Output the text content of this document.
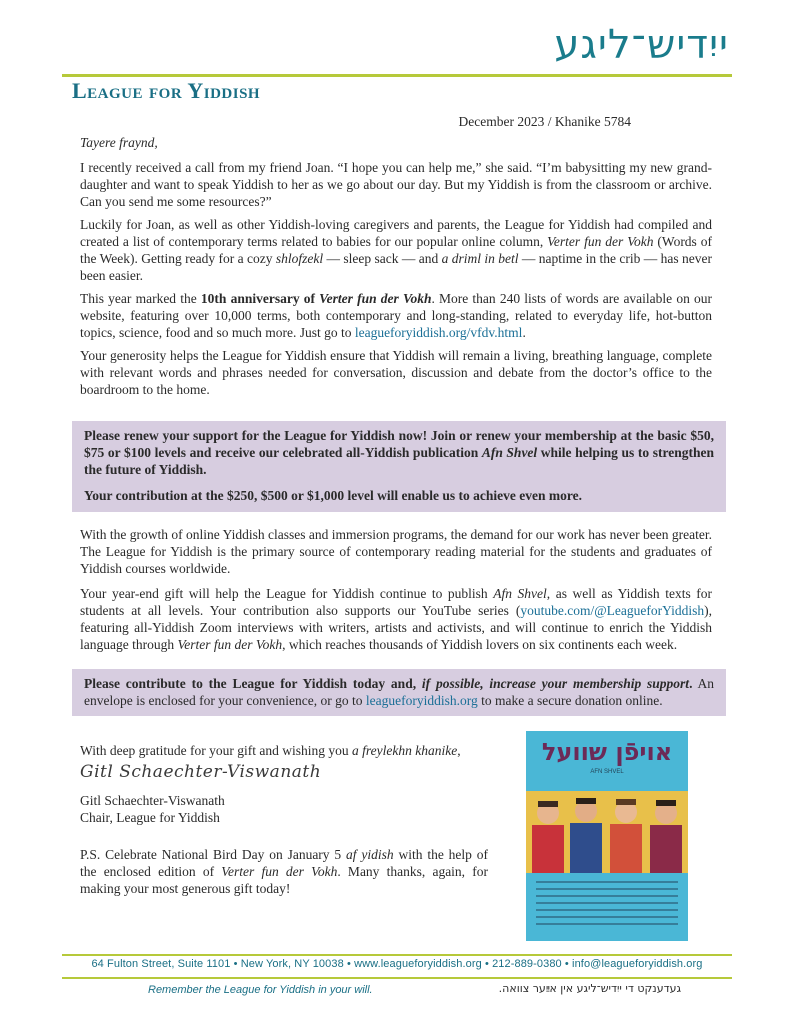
ייִדיש־ליגע
League for Yiddish
December 2023 / Khanike 5784
Tayere fraynd,

I recently received a call from my friend Joan. “I hope you can help me,” she said. “I’m babysitting my new grand-daughter and want to speak Yiddish to her as we go about our day. But my Yiddish is from the classroom or archive. Can you send me some resources?”

Luckily for Joan, as well as other Yiddish-loving caregivers and parents, the League for Yiddish had compiled and created a list of contemporary terms related to babies for our popular online column, Verter fun der Vokh (Words of the Week). Getting ready for a cozy shlofzekl — sleep sack — and a driml in betl — naptime in the crib — has never been easier.

This year marked the 10th anniversary of Verter fun der Vokh. More than 240 lists of words are available on our website, featuring over 10,000 terms, both contemporary and long-standing, related to everyday life, hot-button topics, science, food and so much more. Just go to leagueforyiddish.org/vfdv.html.

Your generosity helps the League for Yiddish ensure that Yiddish will remain a living, breathing language, complete with relevant words and phrases needed for conversation, discussion and debate from the doctor’s office to the boardroom to the home.

Please renew your support for the League for Yiddish now! Join or renew your membership at the basic $50, $75 or $100 levels and receive our celebrated all-Yiddish publication Afn Shvel while helping us to strengthen the future of Yiddish.

Your contribution at the $250, $500 or $1,000 level will enable us to achieve even more.

With the growth of online Yiddish classes and immersion programs, the demand for our work has never been greater. The League for Yiddish is the primary source of contemporary reading material for the students and graduates of Yiddish courses worldwide.

Your year-end gift will help the League for Yiddish continue to publish Afn Shvel, as well as Yiddish texts for students at all levels. Your contribution also supports our YouTube series (youtube.com/@LeagueforYiddish), featuring all-Yiddish Zoom interviews with writers, artists and activists, and will continue to enrich the Yiddish language through Verter fun der Vokh, which reaches thousands of Yiddish lovers on six continents each week.

Please contribute to the League for Yiddish today and, if possible, increase your membership support. An envelope is enclosed for your convenience, or go to leagueforyiddish.org to make a secure donation online.
With deep gratitude for your gift and wishing you a freylekhn khanike,
Gitl Schaechter-Viswanath
Gitl Schaechter-Viswanath
Chair, League for Yiddish
P.S. Celebrate National Bird Day on January 5 af yidish with the help of the enclosed edition of Verter fun der Vokh. Many thanks, again, for making your most generous gift today!
אויפֿן שוועל
AFN SHVEL
64 Fulton Street, Suite 1101 • New York, NY 10038 • www.leagueforyiddish.org • 212-889-0380 • info@leagueforyiddish.org
Remember the League for Yiddish in your will.	געדענקט די ייִדיש־ליגע אין אײַער צוואה.
